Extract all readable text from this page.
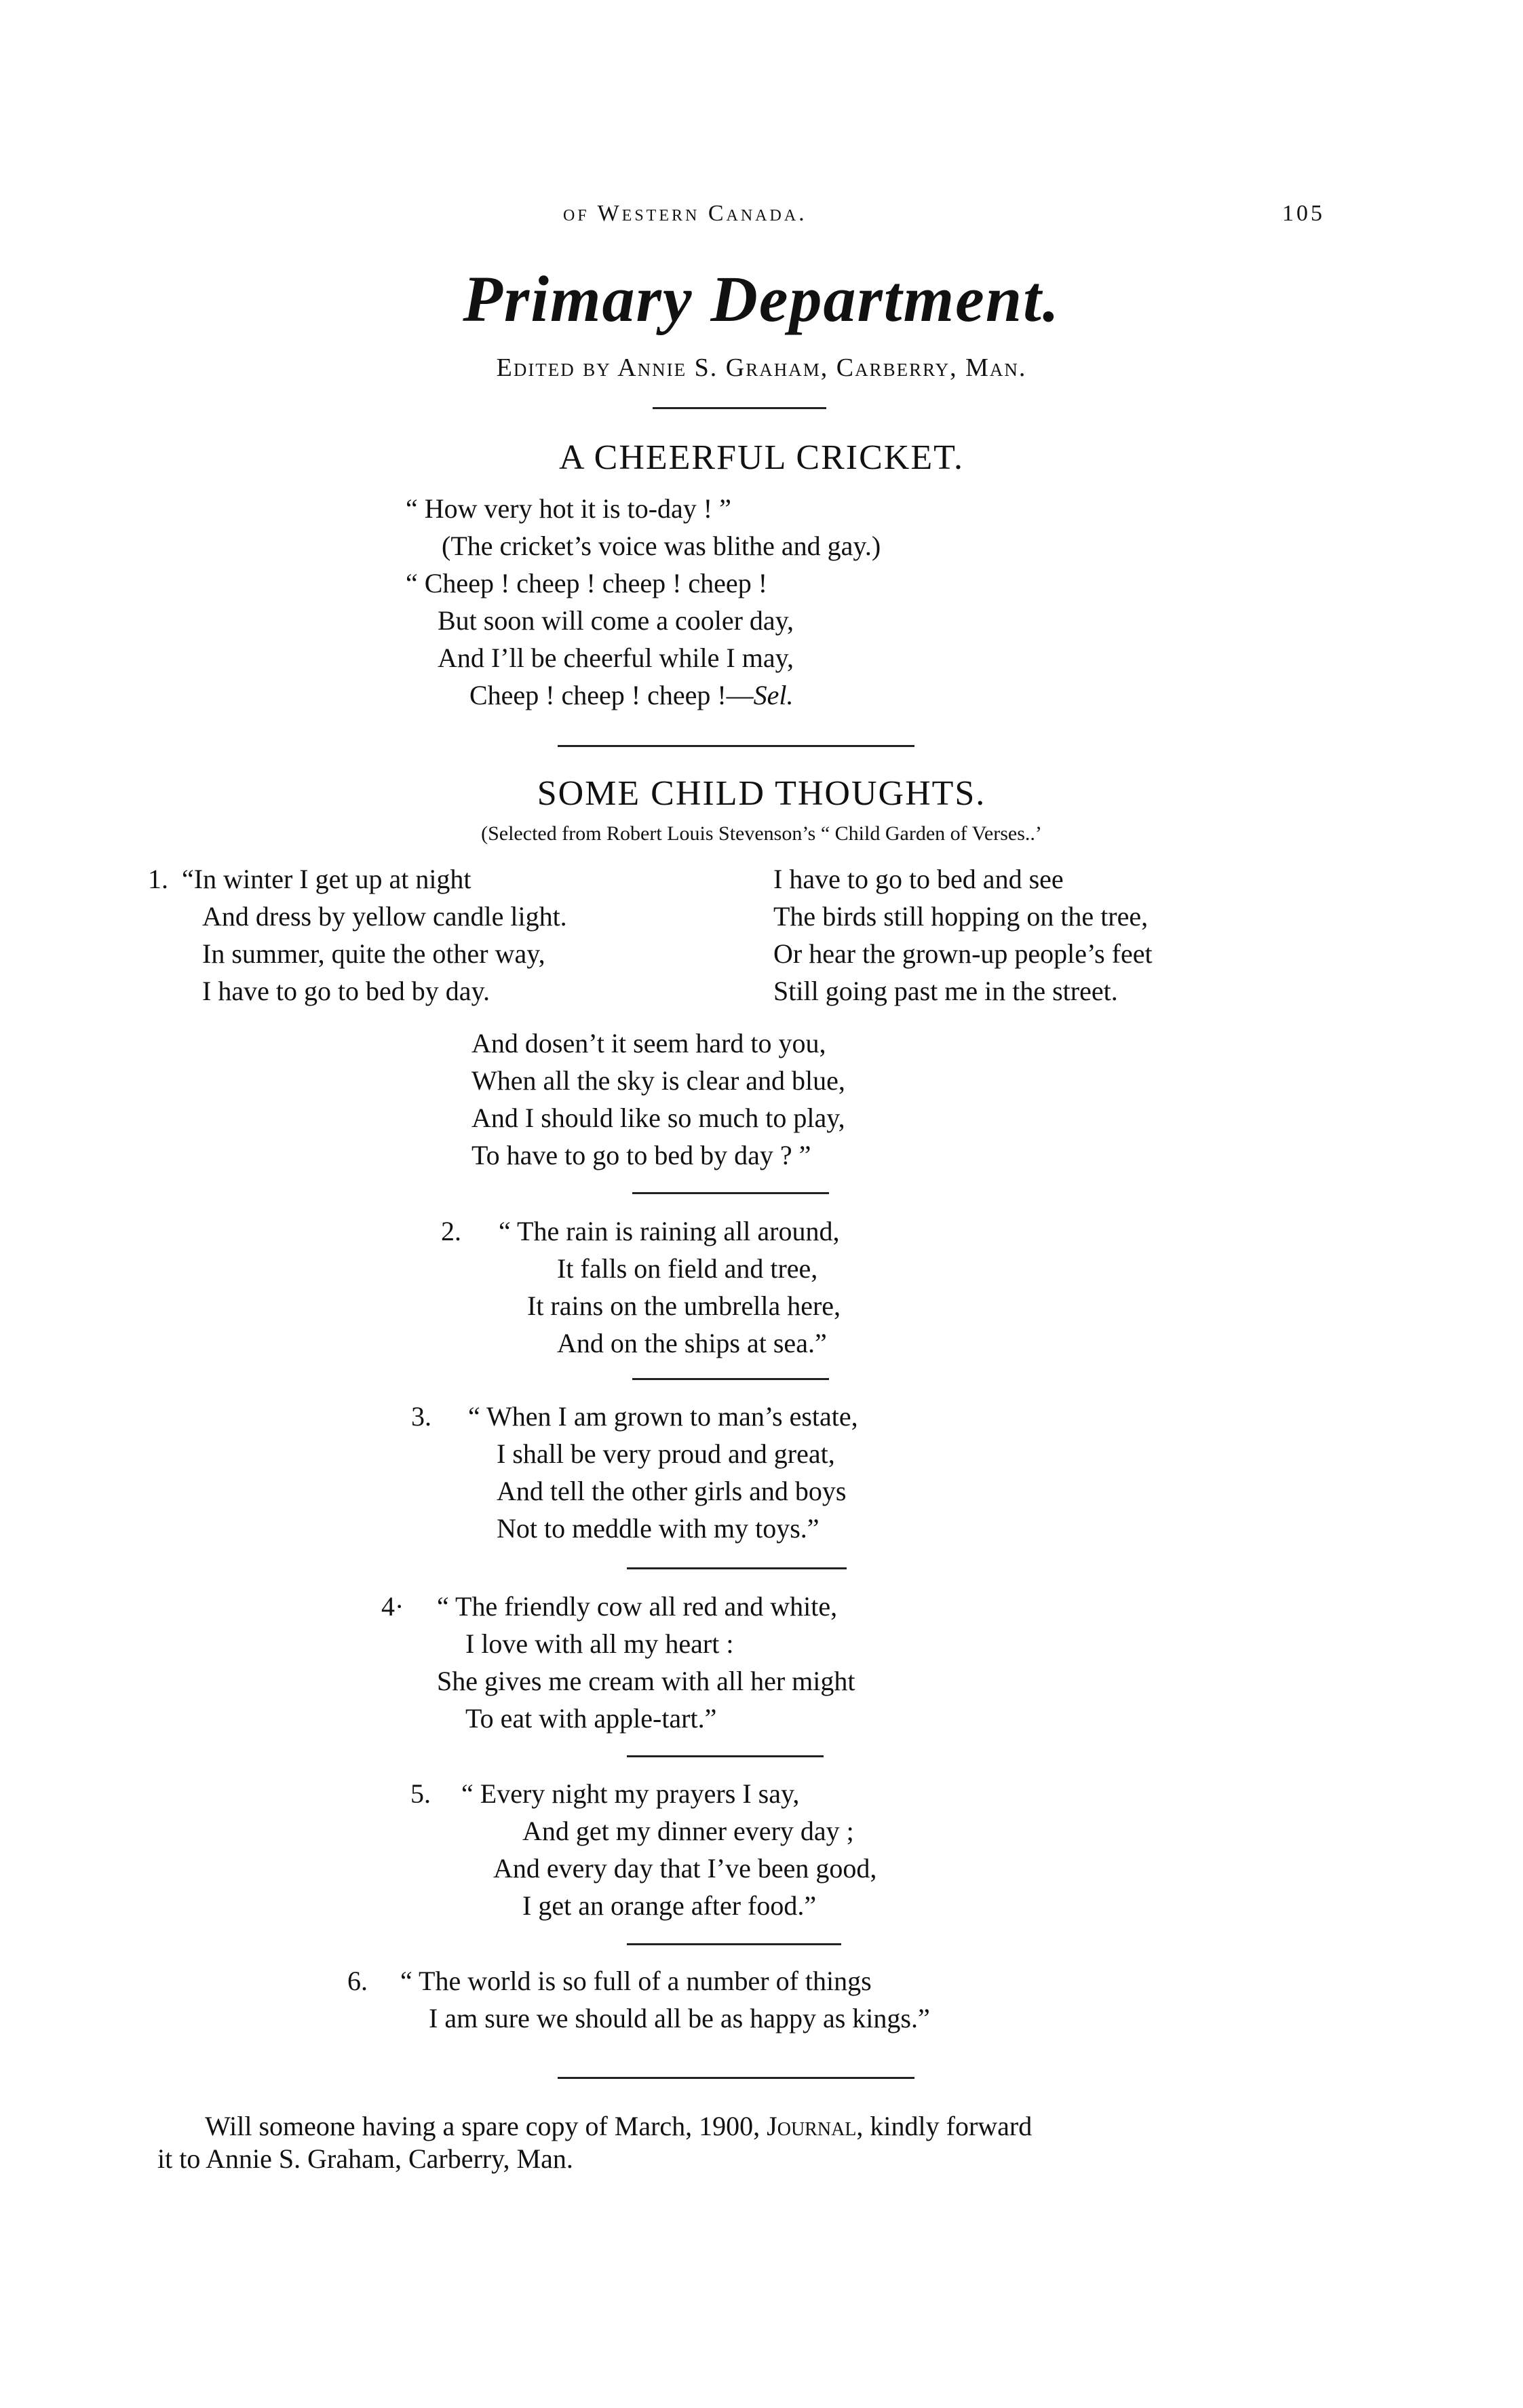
of Western Canada.	105
Primary Department.
Edited by Annie S. Graham, Carberry, Man.
A CHEERFUL CRICKET.
“ How very hot it is to-day ! ”
(The cricket’s voice was blithe and gay.)
“ Cheep ! cheep ! cheep ! cheep !
But soon will come a cooler day,
And I’ll be cheerful while I may,
Cheep ! cheep ! cheep !—Sel.
SOME CHILD THOUGHTS.
(Selected from Robert Louis Stevenson’s “ Child Garden of Verses..’
1. “In winter I get up at night
And dress by yellow candle light.
In summer, quite the other way,
I have to go to bed by day.
I have to go to bed and see
The birds still hopping on the tree,
Or hear the grown-up people’s feet
Still going past me in the street.
And dosen’t it seem hard to you,
When all the sky is clear and blue,
And I should like so much to play,
To have to go to bed by day ? ”
2. “ The rain is raining all around,
It falls on field and tree,
It rains on the umbrella here,
And on the ships at sea.”
3. “ When I am grown to man’s estate,
I shall be very proud and great,
And tell the other girls and boys
Not to meddle with my toys.”
4· “ The friendly cow all red and white,
I love with all my heart :
She gives me cream with all her might
To eat with apple-tart.”
5. “ Every night my prayers I say,
And get my dinner every day ;
And every day that I’ve been good,
I get an orange after food.”
6. “ The world is so full of a number of things
I am sure we should all be as happy as kings.”
Will someone having a spare copy of March, 1900, Journal, kindly forward
it to Annie S. Graham, Carberry, Man.
